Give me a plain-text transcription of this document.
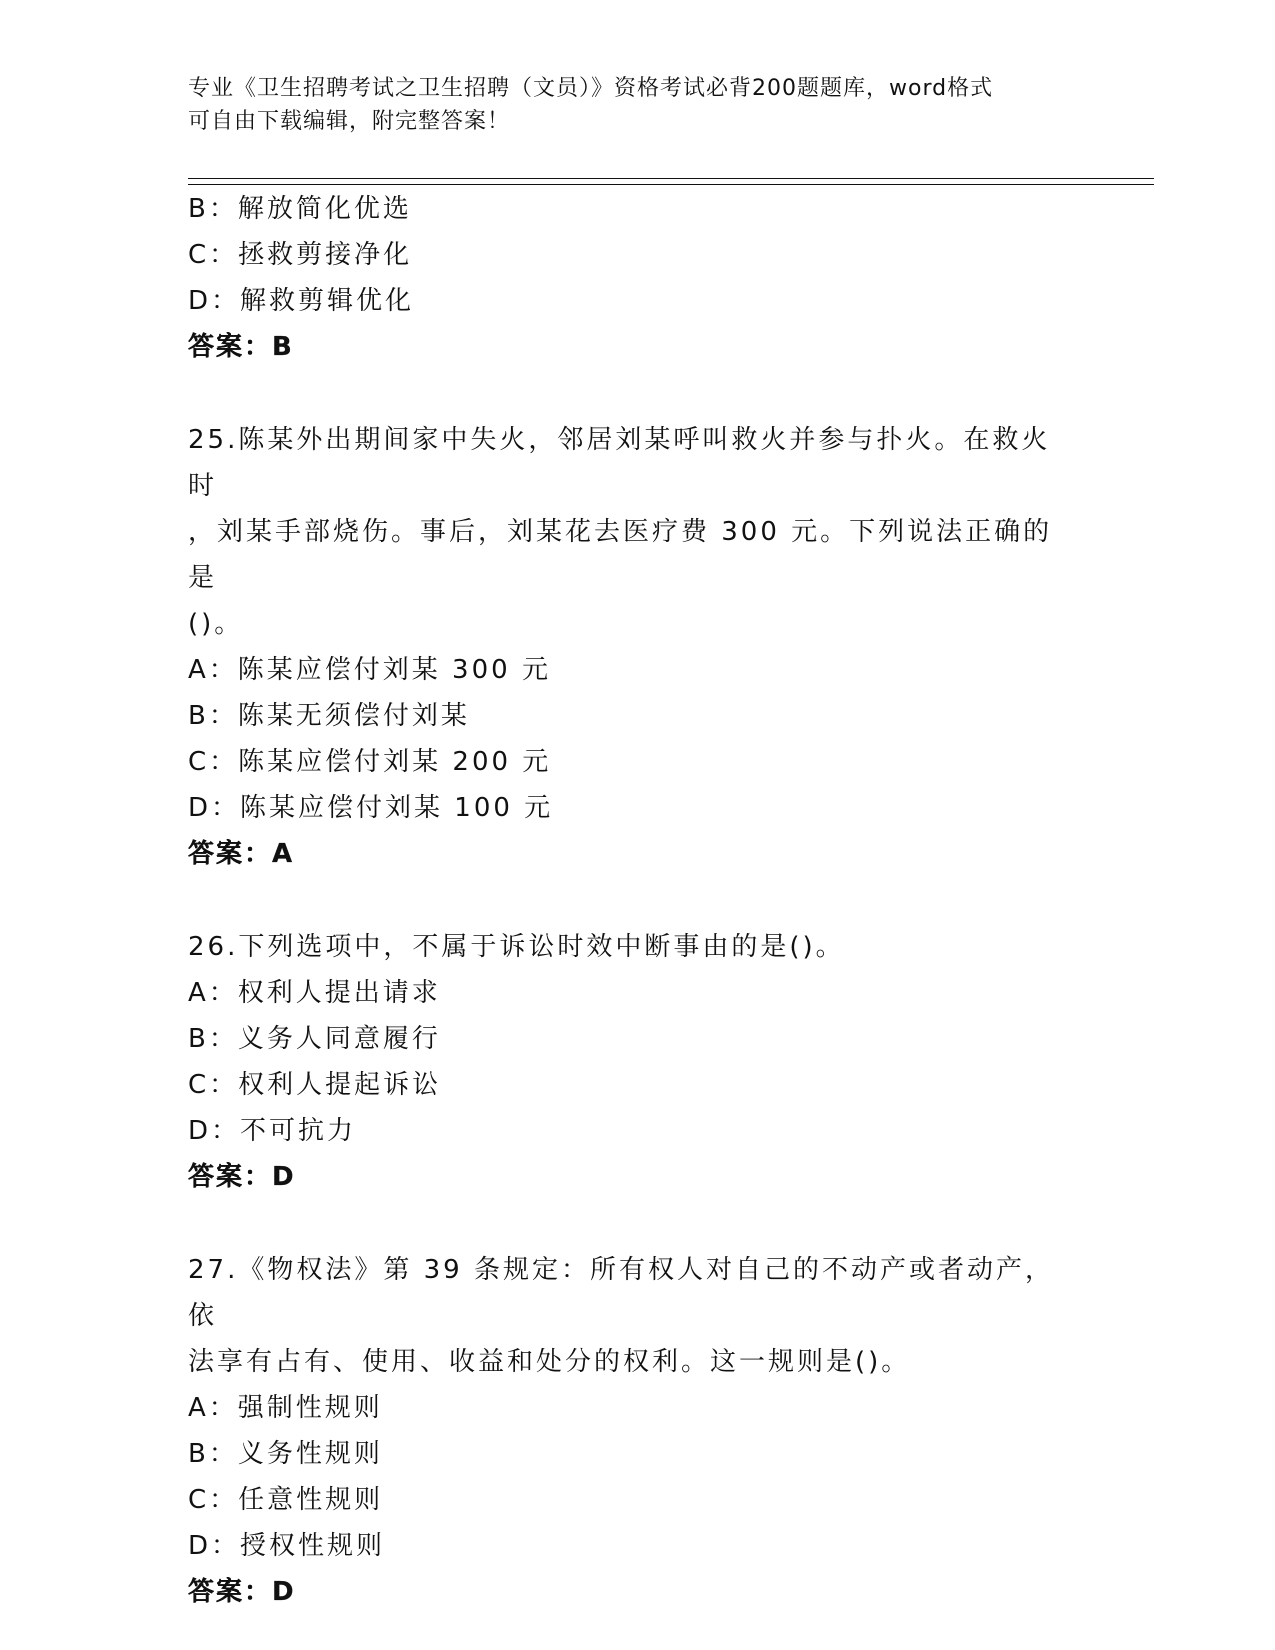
专业《卫生招聘考试之卫生招聘（文员）》资格考试必背200题题库，word格式
可自由下载编辑，附完整答案！
B：解放简化优选
C：拯救剪接净化
D：解救剪辑优化
答案：B
25.陈某外出期间家中失火，邻居刘某呼叫救火并参与扑火。在救火时
，刘某手部烧伤。事后，刘某花去医疗费 300 元。下列说法正确的是
()。
A：陈某应偿付刘某 300 元
B：陈某无须偿付刘某
C：陈某应偿付刘某 200 元
D：陈某应偿付刘某 100 元
答案：A
26.下列选项中，不属于诉讼时效中断事由的是()。
A：权利人提出请求
B：义务人同意履行
C：权利人提起诉讼
D：不可抗力
答案：D
27.《物权法》第 39 条规定：所有权人对自己的不动产或者动产，依
法享有占有、使用、收益和处分的权利。这一规则是()。
A：强制性规则
B：义务性规则
C：任意性规则
D：授权性规则
答案：D
